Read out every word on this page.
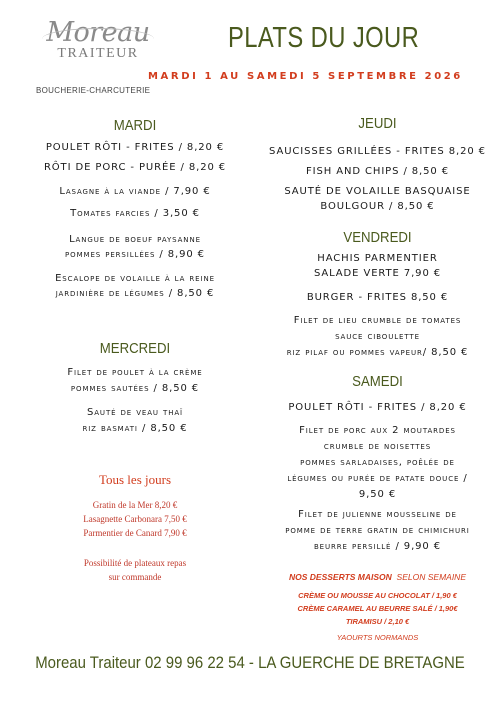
Moreau
TRAITEUR
BOUCHERIE-CHARCUTERIE
PLATS DU JOUR
MARDI 1 AU SAMEDI 5 SEPTEMBRE 2026
MARDI
POULET RÔTI - FRITES / 8,20 €
RÔTI DE PORC - PURÉE / 8,20 €
Lasagne à la viande / 7,90 €
Tomates farcies / 3,50 €
Langue de boeuf paysanne
pommes persillées / 8,90 €
Escalope de volaille à la reine
jardinière de légumes / 8,50 €
MERCREDI
Filet de poulet à la crème
pommes sautées / 8,50 €
Sauté de veau thaï
riz basmati / 8,50 €
Tous les jours
Gratin de la Mer 8,20 €
Lasagnette Carbonara 7,50 €
Parmentier de Canard 7,90 €
Possibilité de plateaux repas
sur commande
JEUDI
SAUCISSES GRILLÉES - FRITES 8,20 €
FISH AND CHIPS / 8,50 €
SAUTÉ DE VOLAILLE BASQUAISE
BOULGOUR / 8,50 €
VENDREDI
HACHIS PARMENTIER
SALADE VERTE 7,90 €
BURGER - FRITES 8,50 €
Filet de lieu crumble de tomates
sauce ciboulette
riz pilaf ou pommes vapeur/ 8,50 €
SAMEDI
POULET RÔTI - FRITES / 8,20 €
Filet de porc aux 2 moutardes
crumble de noisettes
pommes sarladaises, poêlée de
légumes ou purée de patate douce /
9,50 €
Filet de julienne mousseline de
pomme de terre gratin de chimichuri
beurre persillé / 9,90 €
NOS DESSERTS MAISON SELON SEMAINE
CRÈME OU MOUSSE AU CHOCOLAT / 1,90 €
CRÈME CARAMEL AU BEURRE SALÉ / 1,90€
TIRAMISU / 2,10 €
YAOURTS NORMANDS
Moreau Traiteur 02 99 96 22 54 - LA GUERCHE DE BRETAGNE
